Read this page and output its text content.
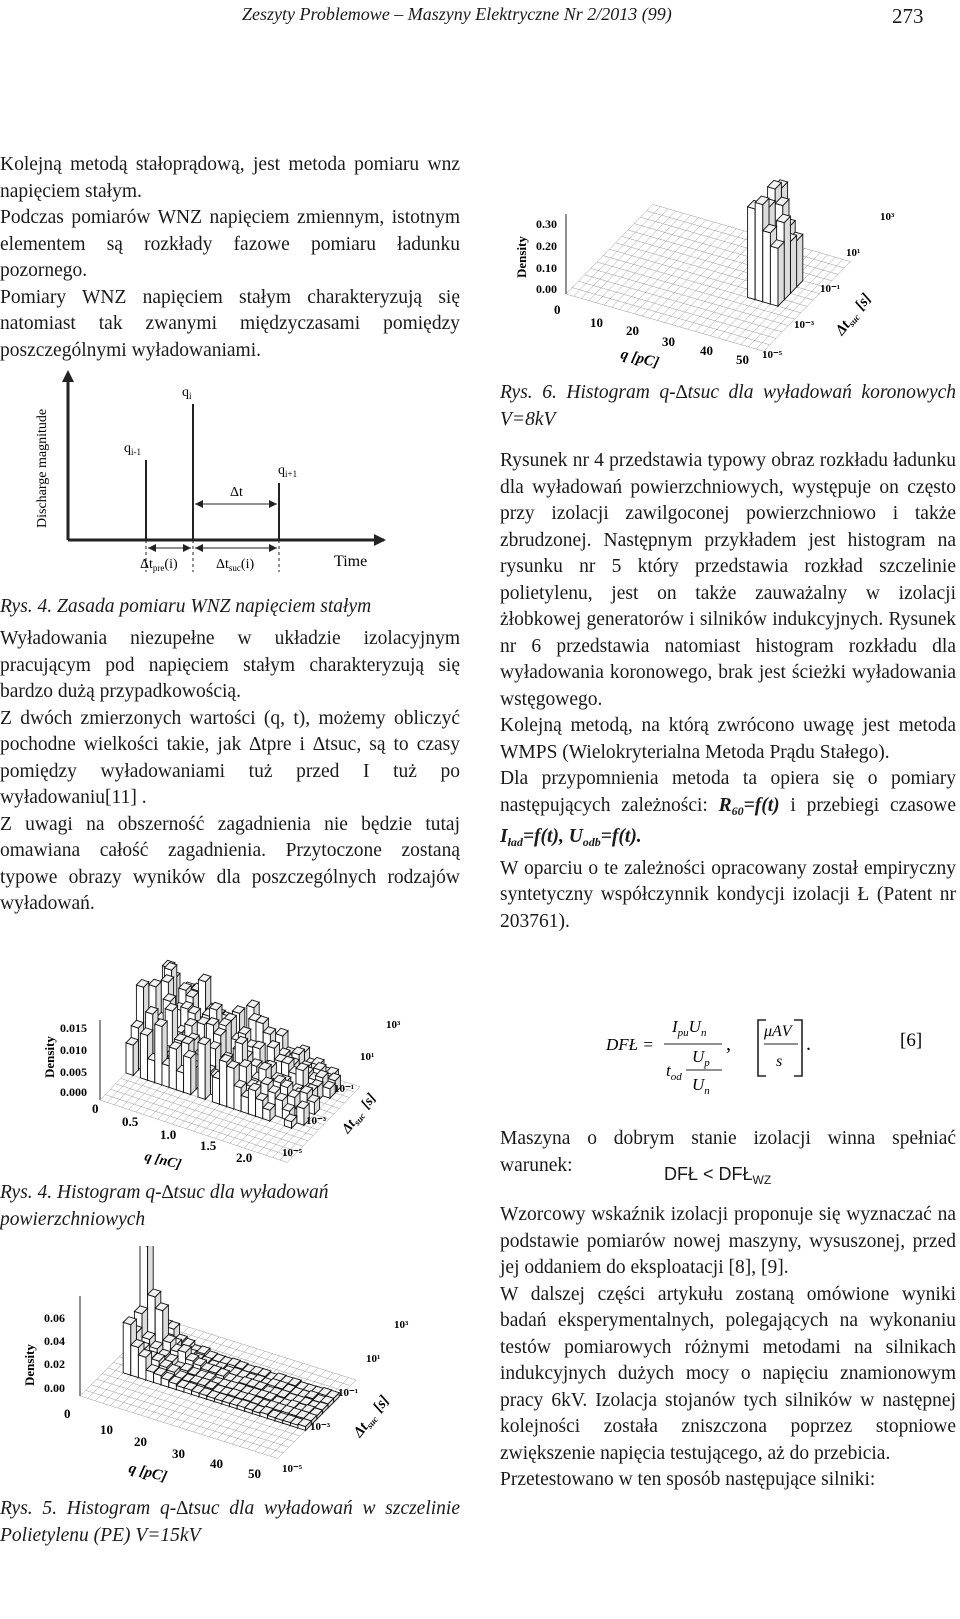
Zeszyty Problemowe – Maszyny Elektryczne Nr 2/2013 (99)	273

Kolejną metodą stałoprądową, jest metoda pomiaru wnz napięciem stałym.

Podczas pomiarów WNZ napięciem zmiennym, istotnym elementem są rozkłady fazowe pomiaru ładunku pozornego.

Pomiary WNZ napięciem stałym charakteryzują się natomiast tak zwanymi międzyczasami pomiędzy poszczególnymi wyładowaniami.

Discharge magnitude
Time
$q_i$
$q_{i-1}$
$q_{i+1}$
Δt
$\Delta t_{pre}(i)$	$\Delta t_{suc}(i)$
Rys. 4. Zasada pomiaru WNZ napięciem stałym

Wyładowania niezupełne w układzie izolacyjnym pracującym pod napięciem stałym charakteryzują się bardzo dużą przypadkowością.

Z dwóch zmierzonych wartości (q, t), możemy obliczyć pochodne wielkości takie, jak ∆tpre i ∆tsuc, są to czasy pomiędzy wyładowaniami tuż przed I tuż po wyładowaniu[11] .

Z uwagi na obszerność zagadnienia nie będzie tutaj omawiana całość zagadnienia. Przytoczone zostaną typowe obrazy wyników dla poszczególnych rodzajów wyładowań.

Density
0.015
0.010
0.005
0.000
0
0.5
1.0
1.5
2.0
q [nC]
10³
10¹
10⁻¹
10⁻³
10⁻⁵
$\Delta t_{suc}[s]$
Rys. 4. Histogram q-∆tsuc dla wyładowań powierzchniowych
Density
0.06
0.04
0.02
0.00
0
10
20
30
40
50
q [pC]
10³
10¹
10⁻¹
10⁻³
10⁻⁵
$\Delta t_{suc}[s]$
Rys. 5. Histogram q-∆tsuc dla wyładowań w szczelinie Polietylenu (PE) V=15kV
Density
0.30
0.20
0.10
0.00
0
10
20
30
40
50
q [pC]
10³
10¹
10⁻¹
10⁻³
10⁻⁵
$\Delta t_{suc}[s]$
Rys. 6. Histogram q-∆tsuc dla wyładowań koronowych V=8kV

Rysunek nr 4 przedstawia typowy obraz rozkładu ładunku dla wyładowań powierzchniowych, występuje on często przy izolacji zawilgoconej powierzchniowo i także zbrudzonej. Następnym przykładem jest histogram na rysunku nr 5 który przedstawia rozkład szczelinie polietylenu, jest on także zauważalny w izolacji żłobkowej generatorów i silników indukcyjnych. Rysunek nr 6 przedstawia natomiast histogram rozkładu dla wyładowania koronowego, brak jest ścieżki wyładowania wstęgowego.

Kolejną metodą, na którą zwrócono uwagę jest metoda WMPS (Wielokryterialna Metoda Prądu Stałego).

Dla przypomnienia metoda ta opiera się o pomiary następujących zależności: $R_{60}=f(t)$ i przebiegi czasowe $I_{ład}=f(t)$, $U_{odb}=f(t)$.

W oparciu o te zależności opracowany został empiryczny syntetyczny współczynnik kondycji izolacji Ł (Patent nr 203761).

DFŁ =
$I_{pu}U_n$
$U_p$
$t_{od}$ $U_n$
,
μΑV
s
.	[6]
Maszyna o dobrym stanie izolacji winna spełniać warunek:	DFŁ < $DFŁ_{WZ}$

Wzorcowy wskaźnik izolacji proponuje się wyznaczać na podstawie pomiarów nowej maszyny, wysuszonej, przed jej oddaniem do eksploatacji [8], [9].

W dalszej części artykułu zostaną omówione wyniki badań eksperymentalnych, polegających na wykonaniu testów pomiarowych różnymi metodami na silnikach indukcyjnych dużych mocy o napięciu znamionowym pracy 6kV. Izolacja stojanów tych silników w następnej kolejności została zniszczona poprzez stopniowe zwiększenie napięcia testującego, aż do przebicia.

Przetestowano w ten sposób następujące silniki:
